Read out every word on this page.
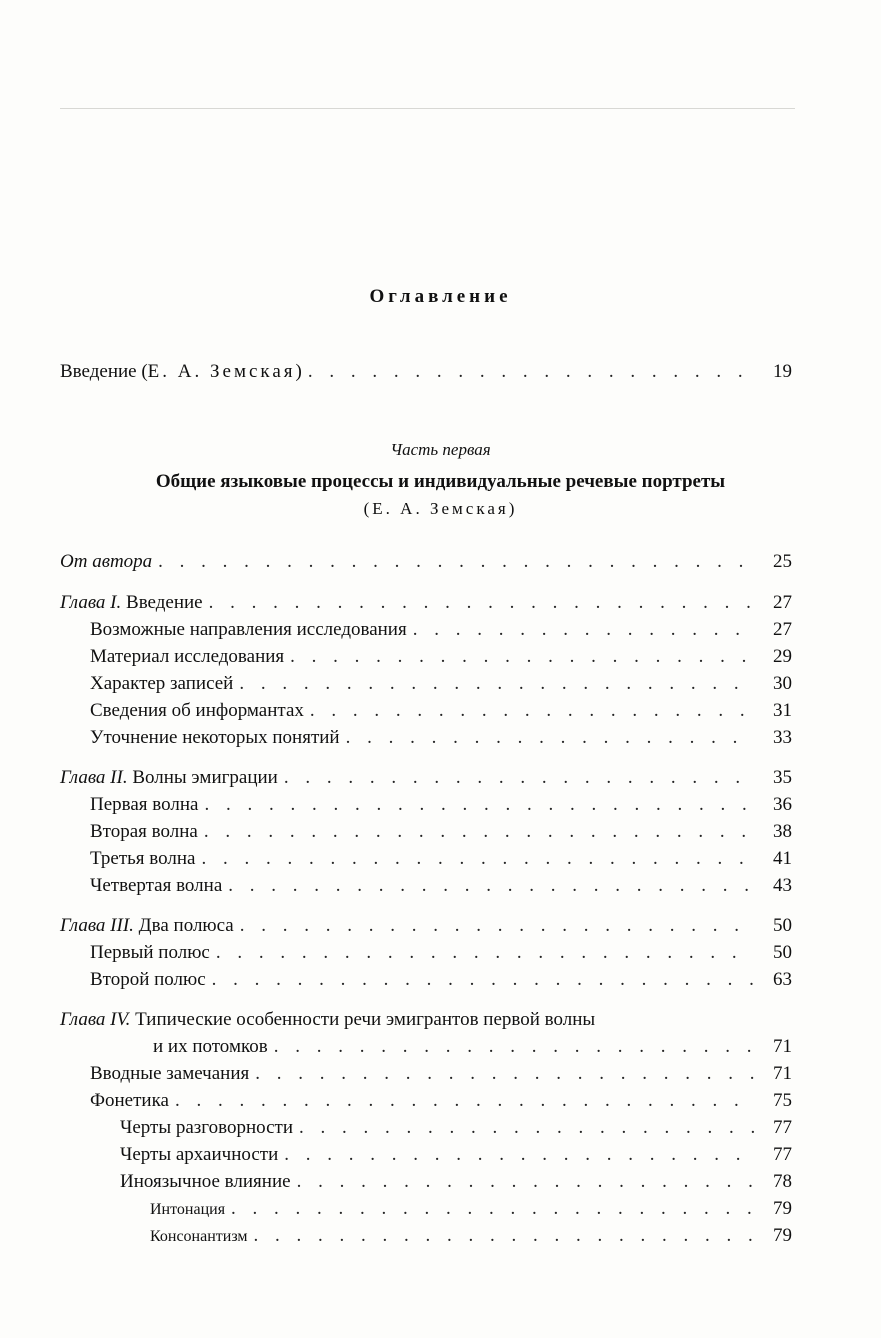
Оглавление
Введение (Е. А. Земская) . . .	19
Часть первая
Общие языковые процессы и индивидуальные речевые портреты
(Е. А. Земская)
От автора . . .	25
Глава I. Введение . . .	27
Возможные направления исследования . . .	27
Материал исследования . . .	29
Характер записей . . .	30
Сведения об информантах . . .	31
Уточнение некоторых понятий . . .	33
Глава II. Волны эмиграции . . .	35
Первая волна . . .	36
Вторая волна . . .	38
Третья волна . . .	41
Четвертая волна . . .	43
Глава III. Два полюса . . .	50
Первый полюс . . .	50
Второй полюс . . .	63
Глава IV. Типические особенности речи эмигрантов первой волны
и их потомков . . .	71
Вводные замечания . . .	71
Фонетика . . .	75
Черты разговорности . . .	77
Черты архаичности . . .	77
Иноязычное влияние . . .	78
Интонация . . .	79
Консонантизм . . .	79
